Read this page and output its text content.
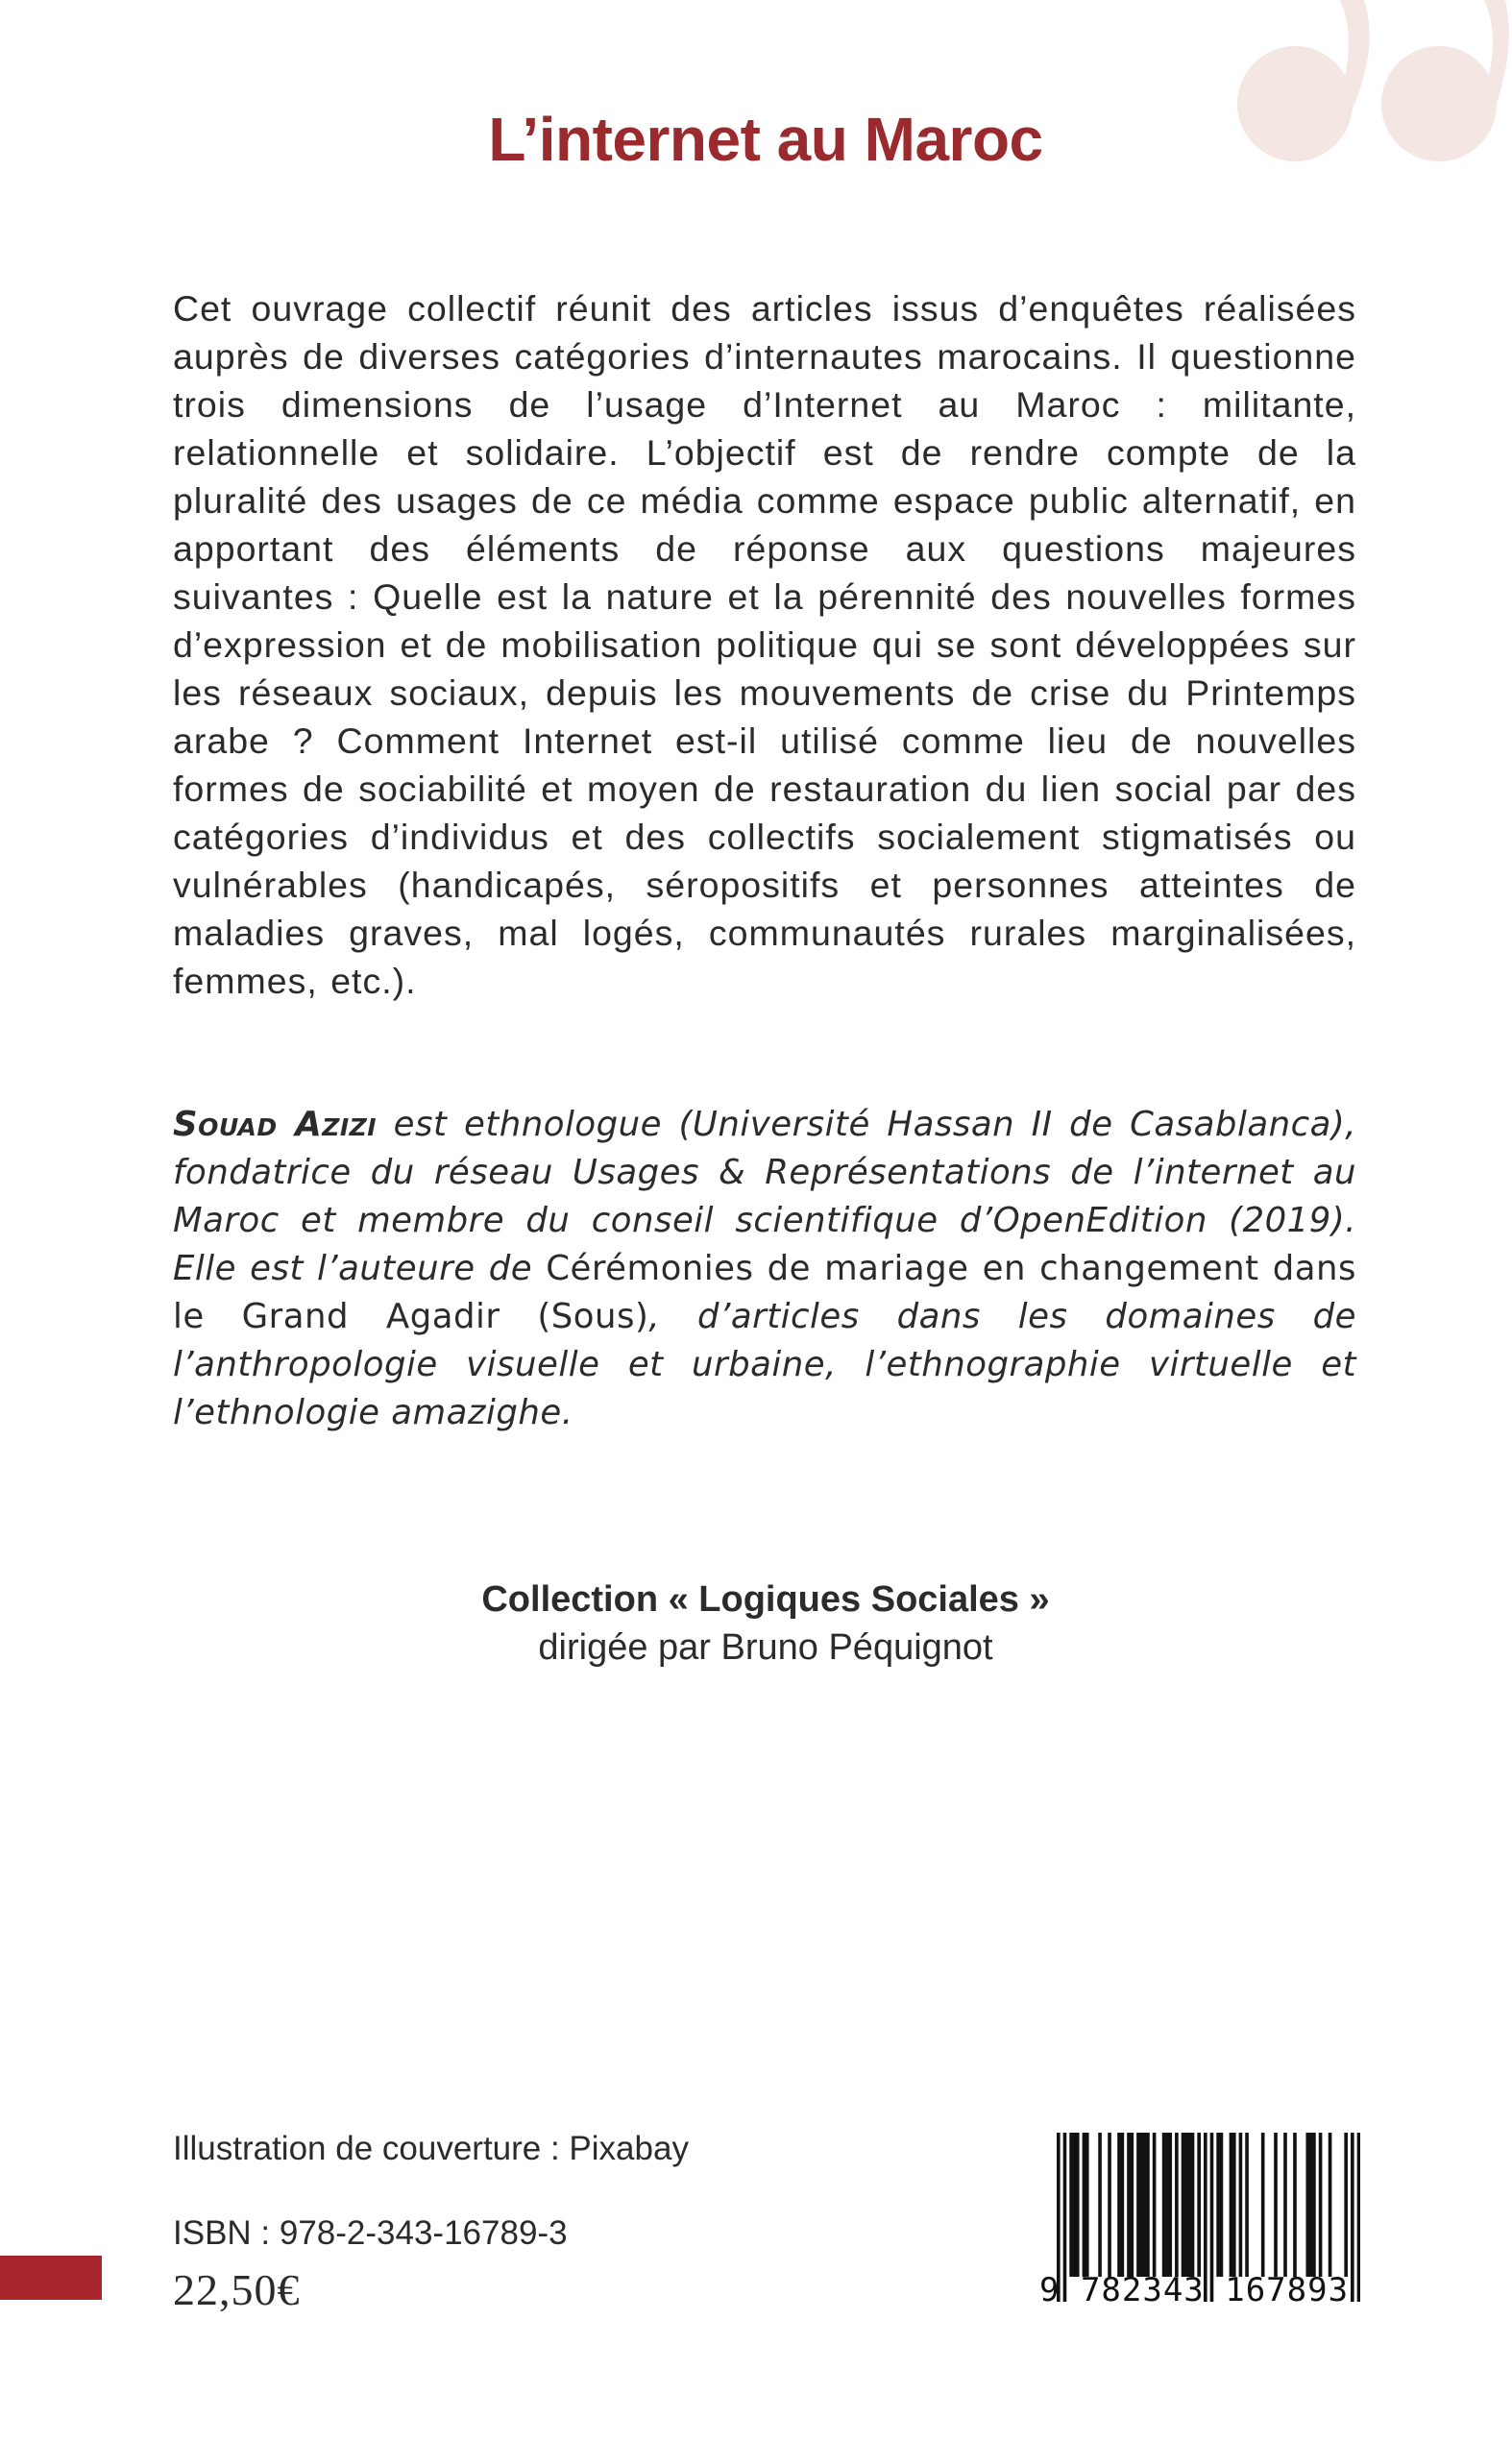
L’internet au Maroc

Cet ouvrage collectif réunit des articles issus d’enquêtes réalisées auprès de diverses catégories d’internautes marocains. Il questionne trois dimensions de l’usage d’Internet au Maroc : militante, relationnelle et solidaire. L’objectif est de rendre compte de la pluralité des usages de ce média comme espace public alternatif, en apportant des éléments de réponse aux questions majeures suivantes : Quelle est la nature et la pérennité des nouvelles formes d’expression et de mobilisation politique qui se sont développées sur les réseaux sociaux, depuis les mouvements de crise du Printemps arabe ? Comment Internet est-il utilisé comme lieu de nouvelles formes de sociabilité et moyen de restauration du lien social par des catégories d’individus et des collectifs socialement stigmatisés ou vulnérables (handicapés, séropositifs et personnes atteintes de maladies graves, mal logés, communautés rurales marginalisées, femmes, etc.).

Souad Azizi est ethnologue (Université Hassan II de Casablanca), fondatrice du réseau Usages & Représentations de l’internet au Maroc et membre du conseil scientifique d’OpenEdition (2019). Elle est l’auteure de Cérémonies de mariage en changement dans le Grand Agadir (Sous), d’articles dans les domaines de l’anthropologie visuelle et urbaine, l’ethnographie virtuelle et l’ethnologie amazighe.

Collection « Logiques Sociales »
dirigée par Bruno Péquignot
Illustration de couverture : Pixabay
ISBN : 978-2-343-16789-3
22,50€	9 782343 167893
